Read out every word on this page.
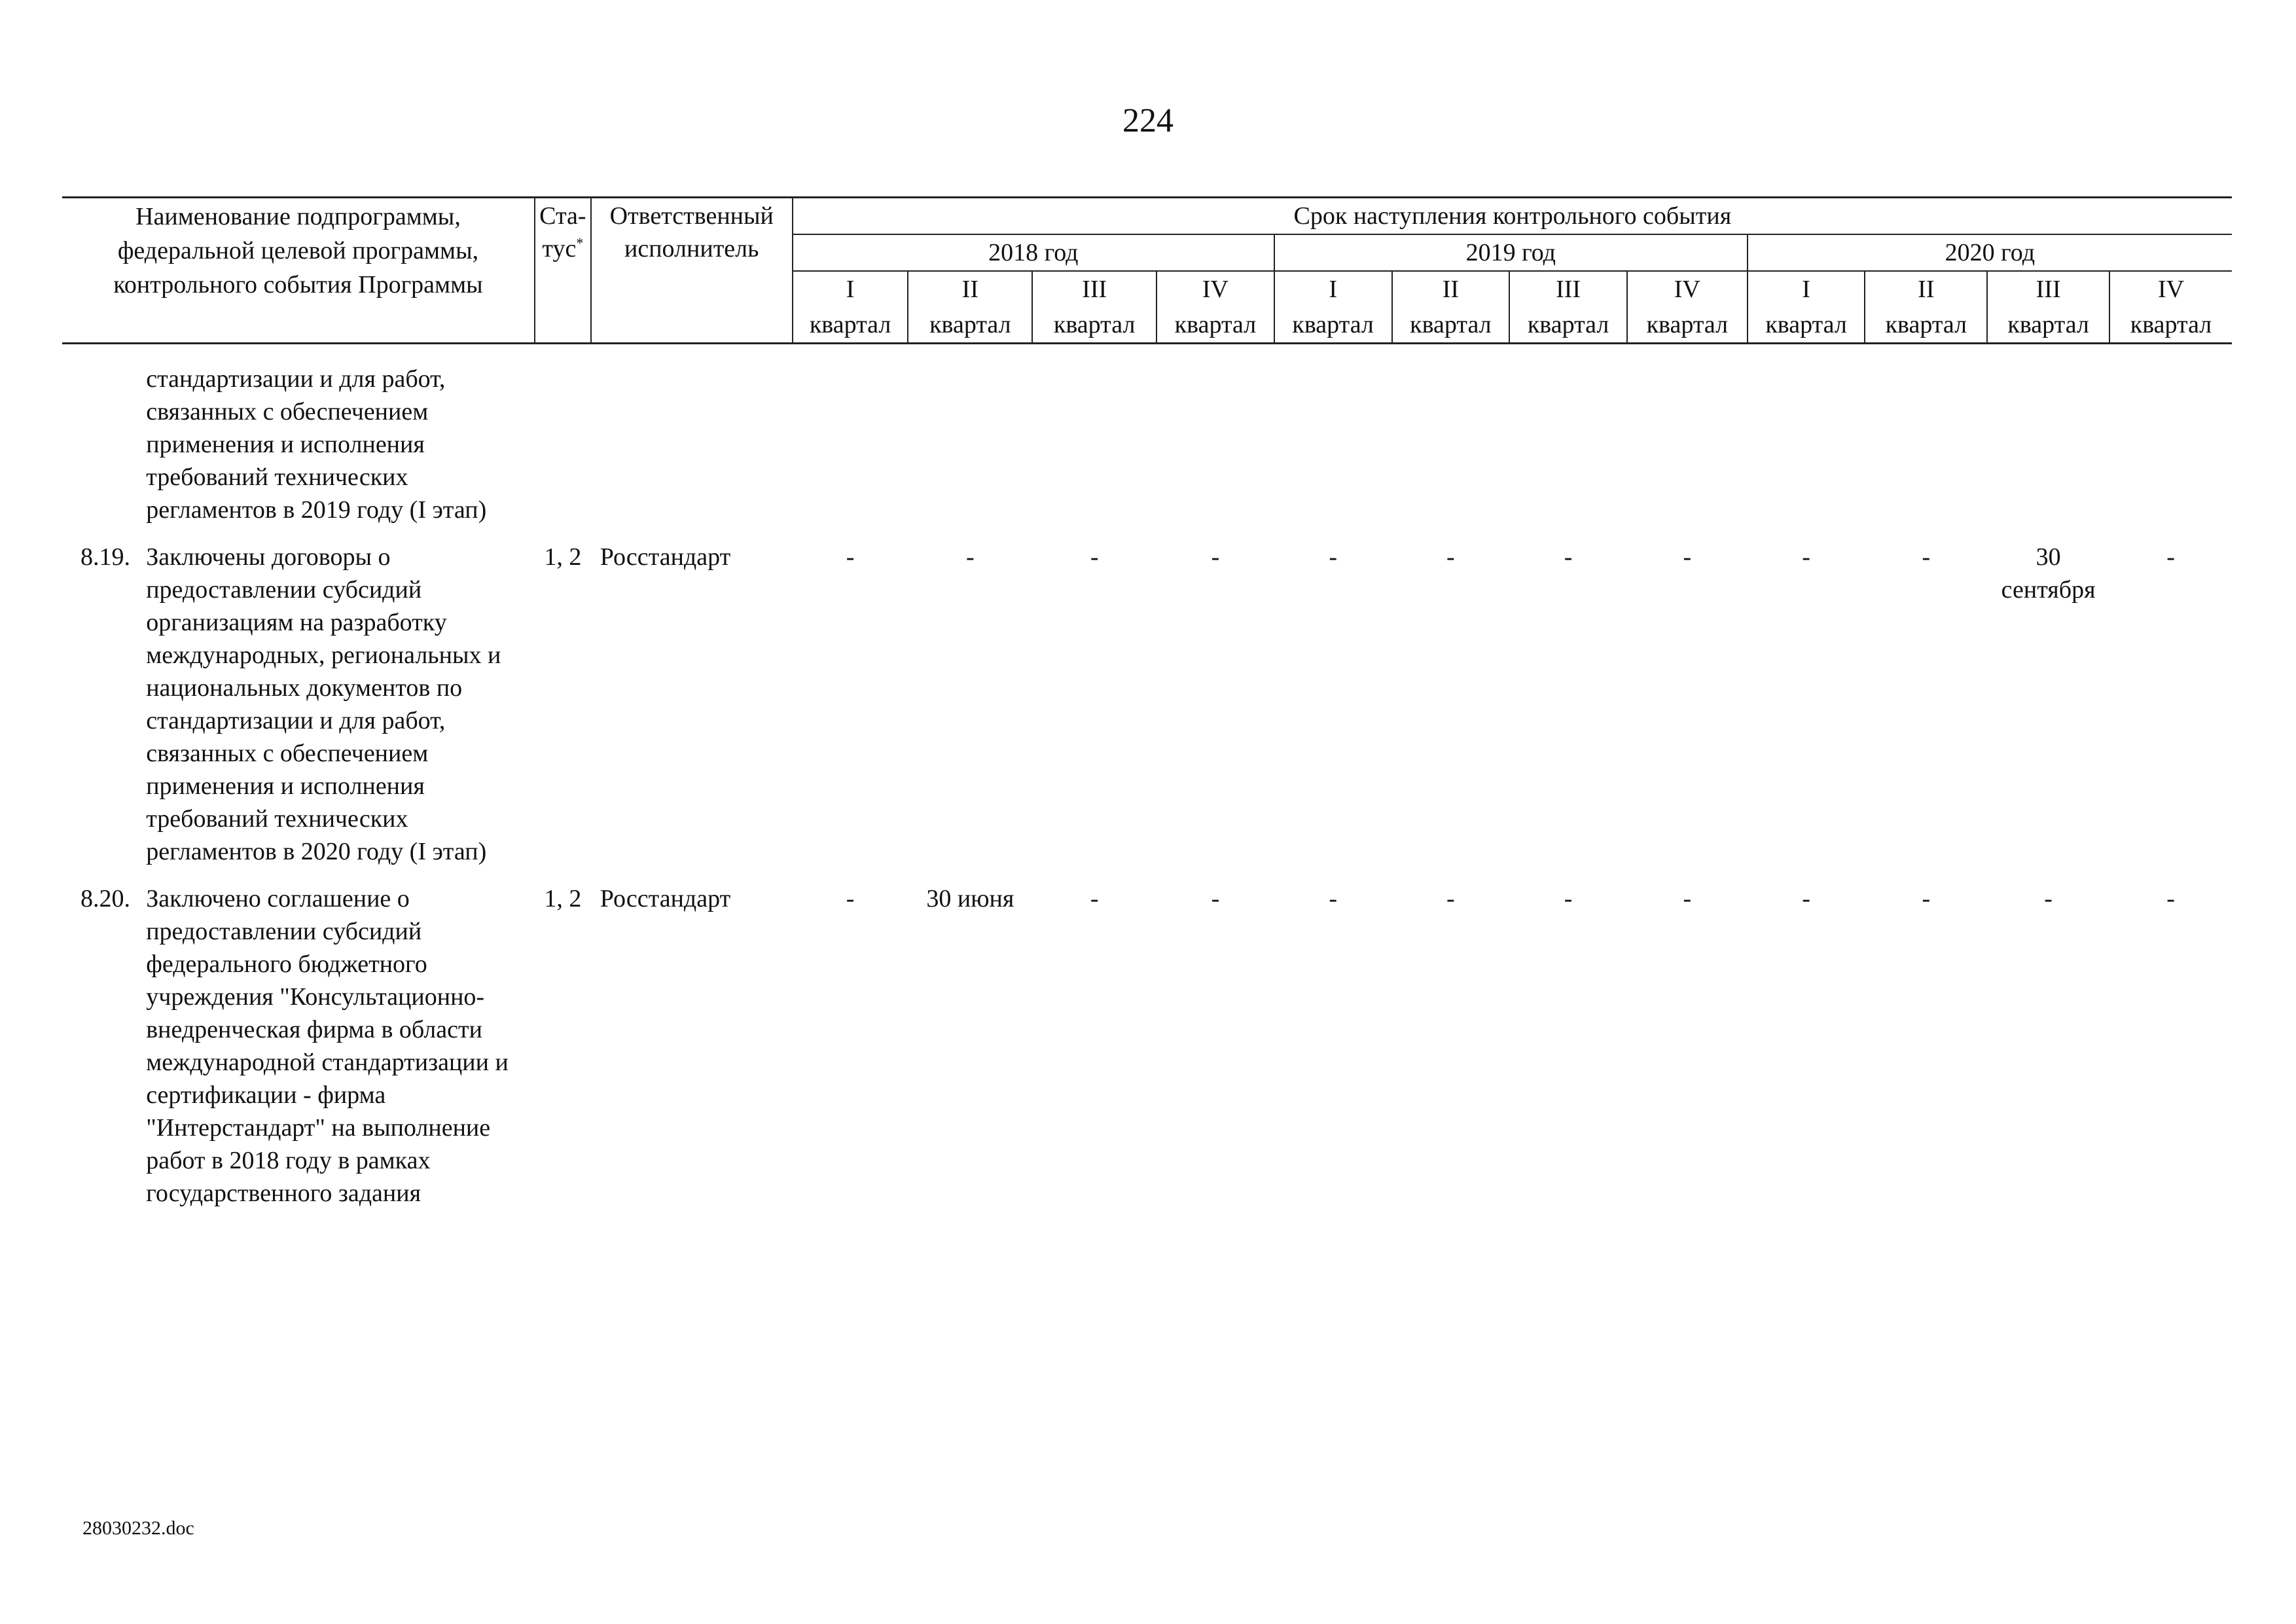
224
Наименование подпрограммы, федеральной целевой программы, контрольного события Программы		Ста-тус*	Ответственный исполнитель	Срок наступления контрольного события											
				2018 год				2019 год				2020 год			
				I	II	III	IV	I	II	III	IV	I	II	III	IV
				квартал	квартал	квартал	квартал	квартал	квартал	квартал	квартал	квартал	квартал	квартал	квартал
	стандартизации и для работ, связанных с обеспечением применения и исполнения требований технических регламентов в 2019 году (I этап)														
8.19.	Заключены договоры о предоставлении субсидий организациям на разработку международных, региональных и национальных документов по стандартизации и для работ, связанных с обеспечением применения и исполнения требований технических регламентов в 2020 году (I этап)	1, 2	Росстандарт	-	-	-	-	-	-	-	-	-	-	30 сентября	-
8.20.	Заключено соглашение о предоставлении субсидий федерального бюджетного учреждения "Консультационно-внедренческая фирма в области международной стандартизации и сертификации - фирма "Интерстандарт" на выполнение работ в 2018 году в рамках государственного задания	1, 2	Росстандарт	-	30 июня	-	-	-	-	-	-	-	-	-	-
28030232.doc
